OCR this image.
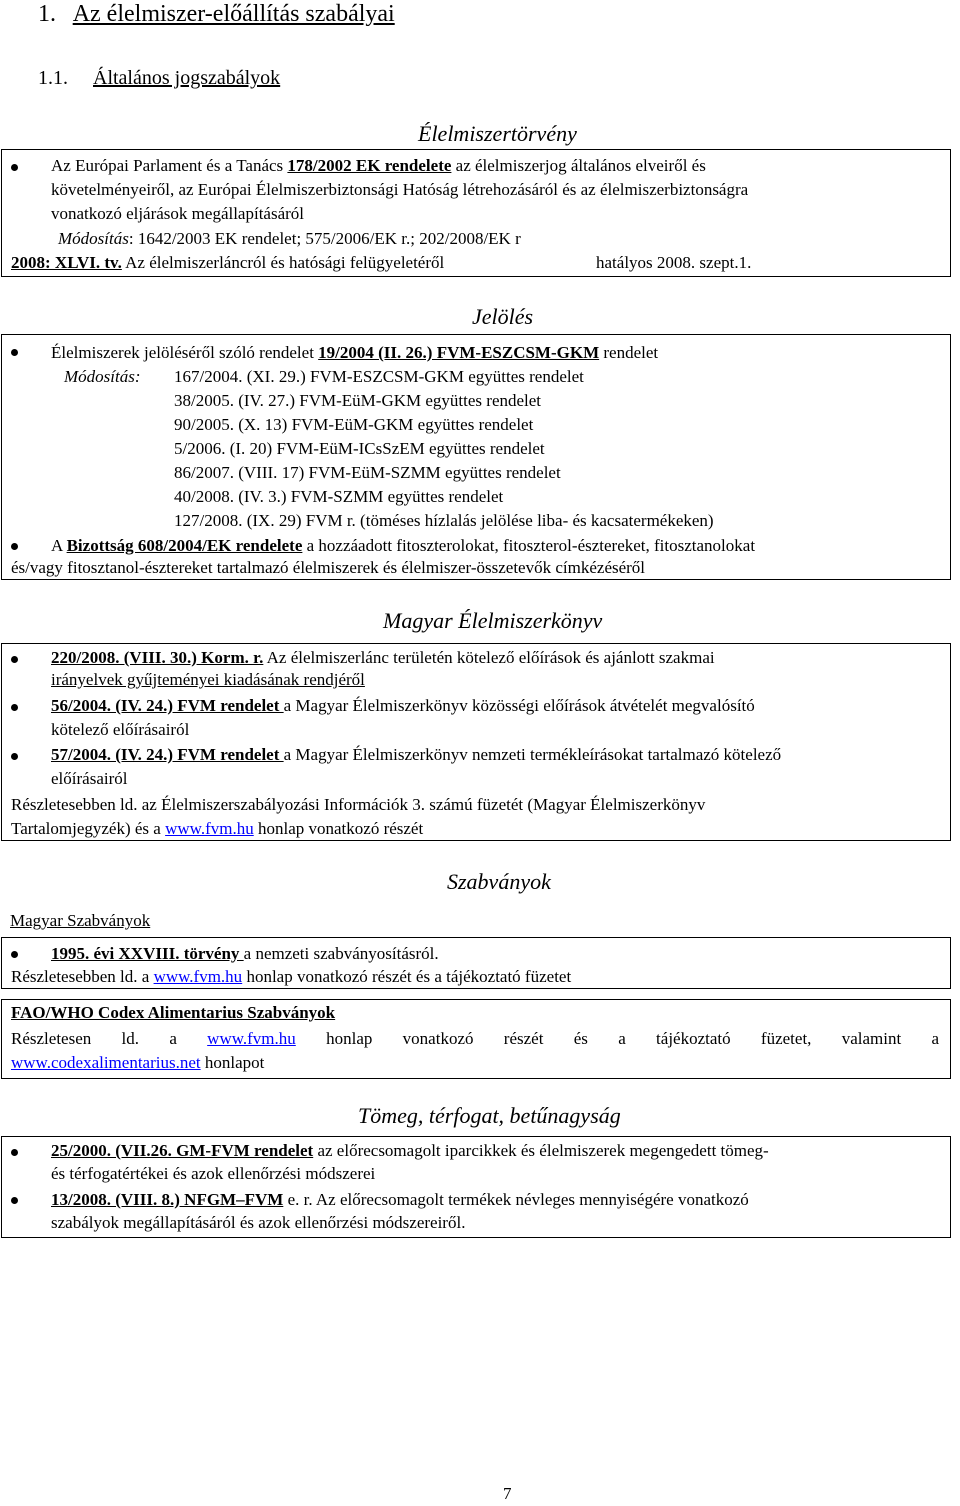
1. Az élelmiszer-előállítás szabályai
1.1. Általános jogszabályok
Élelmiszertörvény
Az Európai Parlament és a Tanács 178/2002 EK rendelete az élelmiszerjog általános elveiről és
követelményeiről, az Európai Élelmiszerbiztonsági Hatóság létrehozásáról és az élelmiszerbiztonságra
vonatkozó eljárások megállapításáról
Módosítás: 1642/2003 EK rendelet; 575/2006/EK r.; 202/2008/EK r
2008: XLVI. tv. Az élelmiszerláncról és hatósági felügyeletéről	hatályos 2008. szept.1.
Jelölés
Élelmiszerek jelöléséről szóló rendelet 19/2004 (II. 26.) FVM-ESZCSM-GKM rendelet
Módosítás: 167/2004. (XI. 29.) FVM-ESZCSM-GKM együttes rendelet
38/2005. (IV. 27.) FVM-EüM-GKM együttes rendelet
90/2005. (X. 13) FVM-EüM-GKM együttes rendelet
5/2006. (I. 20) FVM-EüM-ICsSzEM együttes rendelet
86/2007. (VIII. 17) FVM-EüM-SZMM együttes rendelet
40/2008. (IV. 3.) FVM-SZMM együttes rendelet
127/2008. (IX. 29) FVM r. (töméses hízlalás jelölése liba- és kacsatermékeken)
A Bizottság 608/2004/EK rendelete a hozzáadott fitoszterolokat, fitoszterol-észtereket, fitosztanolokat
és/vagy fitosztanol-észtereket tartalmazó élelmiszerek és élelmiszer-összetevők címkézéséről
Magyar Élelmiszerkönyv
220/2008. (VIII. 30.) Korm. r. Az élelmiszerlánc területén kötelező előírások és ajánlott szakmai
irányelvek gyűjteményei kiadásának rendjéről
56/2004. (IV. 24.) FVM rendelet a Magyar Élelmiszerkönyv közösségi előírások átvételét megvalósító
kötelező előírásairól
57/2004. (IV. 24.) FVM rendelet a Magyar Élelmiszerkönyv nemzeti termékleírásokat tartalmazó kötelező
előírásairól
Részletesebben ld. az Élelmiszerszabályozási Információk 3. számú füzetét (Magyar Élelmiszerkönyv
Tartalomjegyzék) és a www.fvm.hu honlap vonatkozó részét
Szabványok
Magyar Szabványok
1995. évi XXVIII. törvény a nemzeti szabványosításról.
Részletesebben ld. a www.fvm.hu honlap vonatkozó részét és a tájékoztató füzetet
FAO/WHO Codex Alimentarius Szabványok
Részletesen ld. a www.fvm.hu honlap vonatkozó részét és a tájékoztató füzetet, valamint a
www.codexalimentarius.net honlapot
Tömeg, térfogat, betűnagyság
25/2000. (VII.26. GM-FVM rendelet az előrecsomagolt iparcikkek és élelmiszerek megengedett tömeg-
és térfogatértékei és azok ellenőrzési módszerei
13/2008. (VIII. 8.) NFGM–FVM e. r. Az előrecsomagolt termékek névleges mennyiségére vonatkozó
szabályok megállapításáról és azok ellenőrzési módszereiről.
7
